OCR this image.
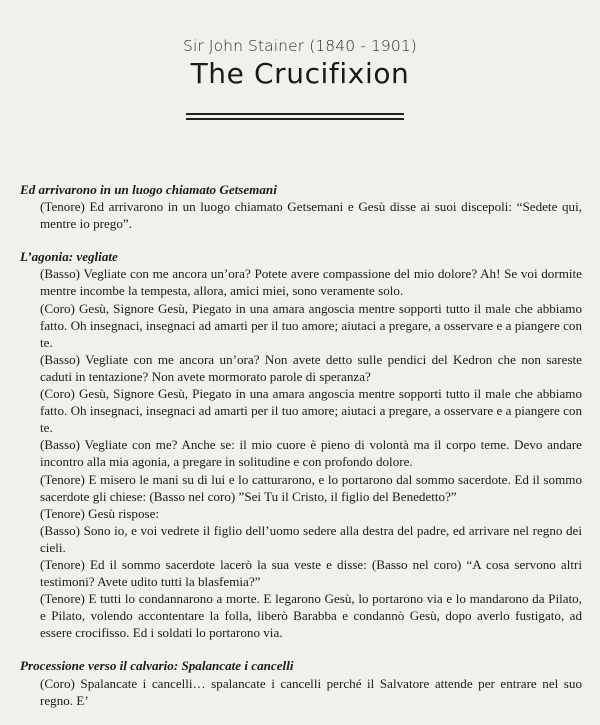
Sir John Stainer (1840 - 1901)
The Crucifixion
Ed arrivarono in un luogo chiamato Getsemani
(Tenore) Ed arrivarono in un luogo chiamato Getsemani e Gesù disse ai suoi discepoli: “Sedete qui, mentre io prego”.
L’agonia: vegliate
(Basso) Vegliate con me ancora un’ora? Potete avere compassione del mio dolore? Ah! Se voi dormite mentre incombe la tempesta, allora, amici miei, sono veramente solo.
(Coro) Gesù, Signore Gesù, Piegato in una amara angoscia mentre sopporti tutto il male che abbiamo fatto. Oh insegnaci, insegnaci ad amarti per il tuo amore; aiutaci a pregare, a osservare e a piangere con te.
(Basso) Vegliate con me ancora un’ora? Non avete detto sulle pendici del Kedron che non sareste caduti in tentazione? Non avete mormorato parole di speranza?
(Coro) Gesù, Signore Gesù, Piegato in una amara angoscia mentre sopporti tutto il male che abbiamo fatto. Oh insegnaci, insegnaci ad amarti per il tuo amore; aiutaci a pregare, a osservare e a piangere con te.
(Basso) Vegliate con me? Anche se: il mio cuore è pieno di volontà ma il corpo teme. Devo andare incontro alla mia agonia, a pregare in solitudine e con profondo dolore.
(Tenore) E misero le mani su di lui e lo catturarono, e lo portarono dal sommo sacerdote. Ed il sommo sacerdote gli chiese: (Basso nel coro) ”Sei Tu il Cristo, il figlio del Benedetto?”
(Tenore) Gesù rispose:
(Basso) Sono io, e voi vedrete il figlio dell’uomo sedere alla destra del padre, ed arrivare nel regno dei cieli.
(Tenore) Ed il sommo sacerdote lacerò la sua veste e disse: (Basso nel coro) “A cosa servono altri testimoni? Avete udito tutti la blasfemia?”
(Tenore) E tutti lo condannarono a morte. E legarono Gesù, lo portarono via e lo mandarono da Pilato, e Pilato, volendo accontentare la folla, liberò Barabba e condannò Gesù, dopo averlo fustigato, ad essere crocifisso. Ed i soldati lo portarono via.
Processione verso il calvario: Spalancate i cancelli
(Coro) Spalancate i cancelli… spalancate i cancelli perché il Salvatore attende per entrare nel suo regno. E’
